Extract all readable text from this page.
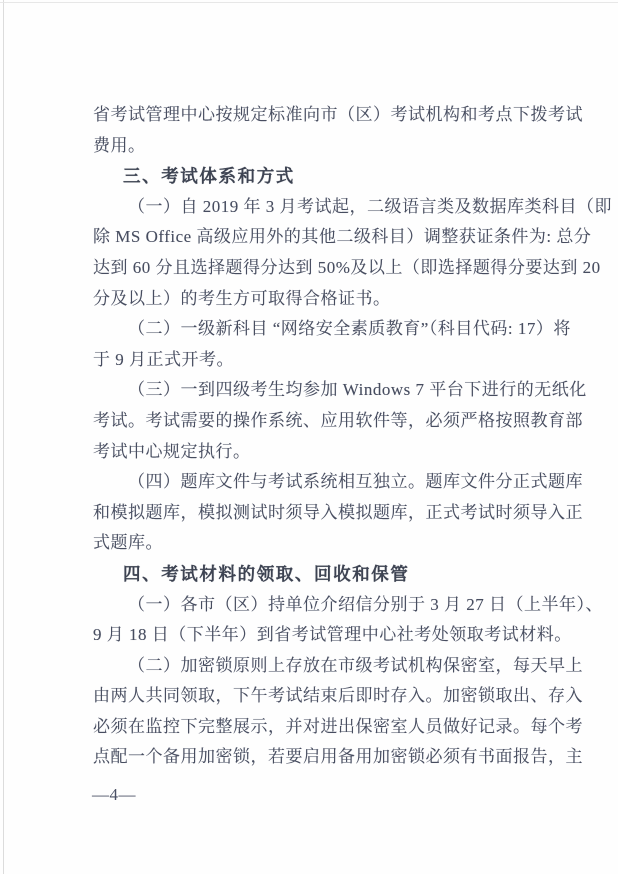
省考试管理中心按规定标准向市（区）考试机构和考点下拨考试
费用。
三、考试体系和方式
（一）自 2019 年 3 月考试起，二级语言类及数据库类科目（即
除 MS Office 高级应用外的其他二级科目）调整获证条件为: 总分
达到 60 分且选择题得分达到 50%及以上（即选择题得分要达到 20
分及以上）的考生方可取得合格证书。
（二）一级新科目 “网络安全素质教育”（科目代码: 17）将
于 9 月正式开考。
（三）一到四级考生均参加 Windows 7 平台下进行的无纸化
考试。考试需要的操作系统、应用软件等，必须严格按照教育部
考试中心规定执行。
（四）题库文件与考试系统相互独立。题库文件分正式题库
和模拟题库，模拟测试时须导入模拟题库，正式考试时须导入正
式题库。
四、考试材料的领取、回收和保管
（一）各市（区）持单位介绍信分别于 3 月 27 日（上半年）、
9 月 18 日（下半年）到省考试管理中心社考处领取考试材料。
（二）加密锁原则上存放在市级考试机构保密室，每天早上
由两人共同领取，下午考试结束后即时存入。加密锁取出、存入
必须在监控下完整展示，并对进出保密室人员做好记录。每个考
点配一个备用加密锁，若要启用备用加密锁必须有书面报告，主
—4—
